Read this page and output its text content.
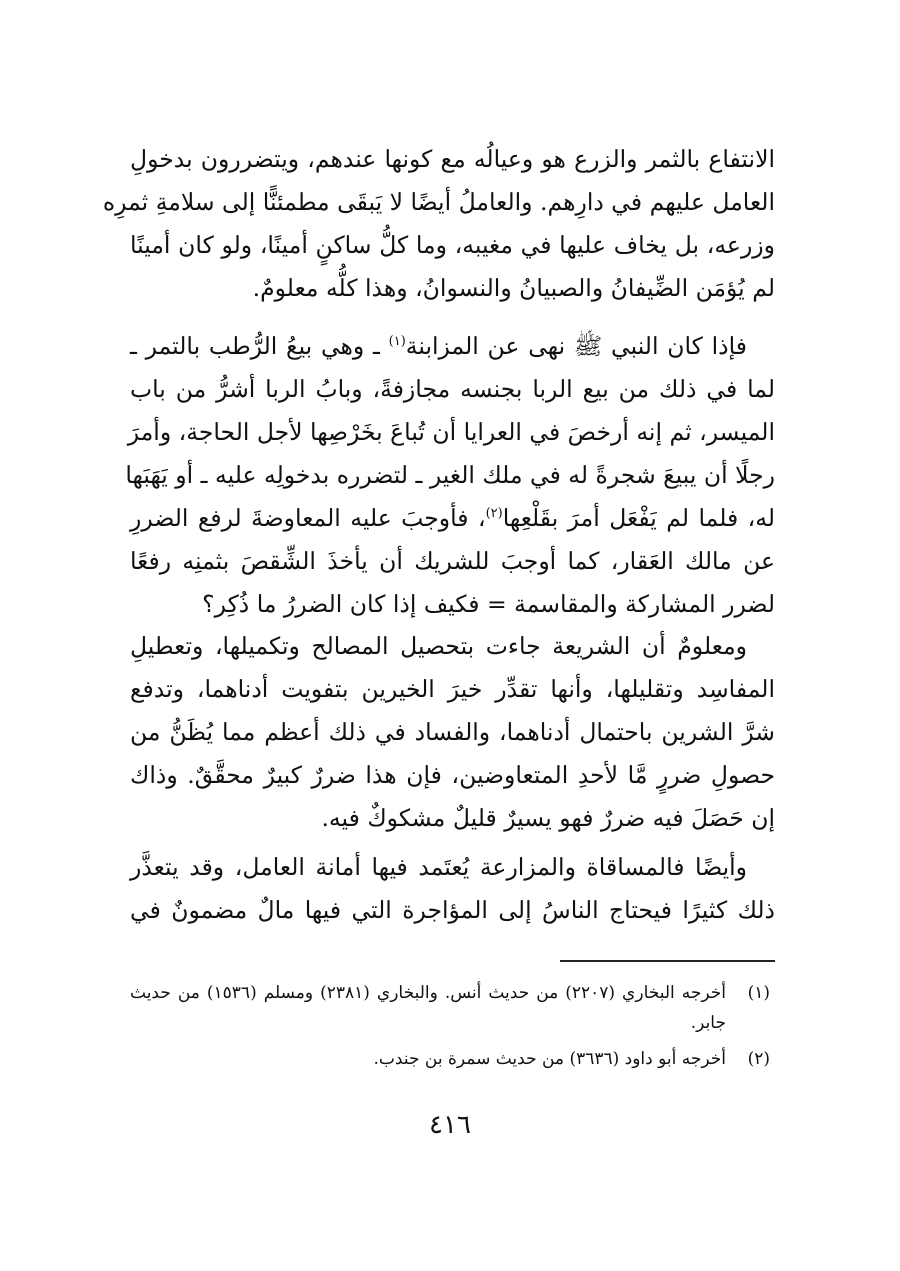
الانتفاع بالثمر والزرع هو وعيالُه مع كونها عندهم، ويتضررون بدخولِ
العامل عليهم في دارِهم. والعاملُ أيضًا لا يَبقَى مطمئنًّا إلى سلامةِ ثمرِه
وزرعه، بل يخاف عليها في مغيبه، وما كلُّ ساكنٍ أمينًا، ولو كان أمينًا
لم يُؤمَن الضِّيفانُ والصبيانُ والنسوانُ، وهذا كلُّه معلومٌ.
فإذا كان النبي ﷺ نهى عن المزابنة$^{(١)}$ ـ وهي بيعُ الرُّطب بالتمر ـ
لما في ذلك من بيع الربا بجنسه مجازفةً، وبابُ الربا أشرُّ من باب
الميسر، ثم إنه أرخصَ في العرايا أن تُباعَ بخَرْصِها لأجل الحاجة، وأمرَ
رجلًا أن يبيعَ شجرةً له في ملك الغير ـ لتضرره بدخولِه عليه ـ أو يَهَبَها
له، فلما لم يَفْعَل أمرَ بقَلْعِها$^{(٢)}$، فأوجبَ عليه المعاوضةَ لرفع الضررِ
عن مالك العَقار، كما أوجبَ للشريك أن يأخذَ الشِّقصَ بثمنِه رفعًا
لضرر المشاركة والمقاسمة = فكيف إذا كان الضررُ ما ذُكِر؟
ومعلومٌ أن الشريعة جاءت بتحصيل المصالح وتكميلها، وتعطيلِ
المفاسِد وتقليلها، وأنها تقدِّر خيرَ الخيرين بتفويت أدناهما، وتدفع
شرَّ الشرين باحتمال أدناهما، والفساد في ذلك أعظم مما يُظَنُّ من
حصولِ ضررٍ مَّا لأحدِ المتعاوضين، فإن هذا ضررٌ كبيرٌ محقَّقٌ. وذاك
إن حَصَلَ فيه ضررٌ فهو يسيرٌ قليلٌ مشكوكٌ فيه.
وأيضًا فالمساقاة والمزارعة يُعتَمد فيها أمانة العامل، وقد يتعذَّر
ذلك كثيرًا فيحتاج الناسُ إلى المؤاجرة التي فيها مالٌ مضمونٌ في
(١)
أخرجه البخاري (٢٢٠٧) من حديث أنس. والبخاري (٢٣٨١) ومسلم (١٥٣٦) من حديث جابر.
(٢)
أخرجه أبو داود (٣٦٣٦) من حديث سمرة بن جندب.
٤١٦
